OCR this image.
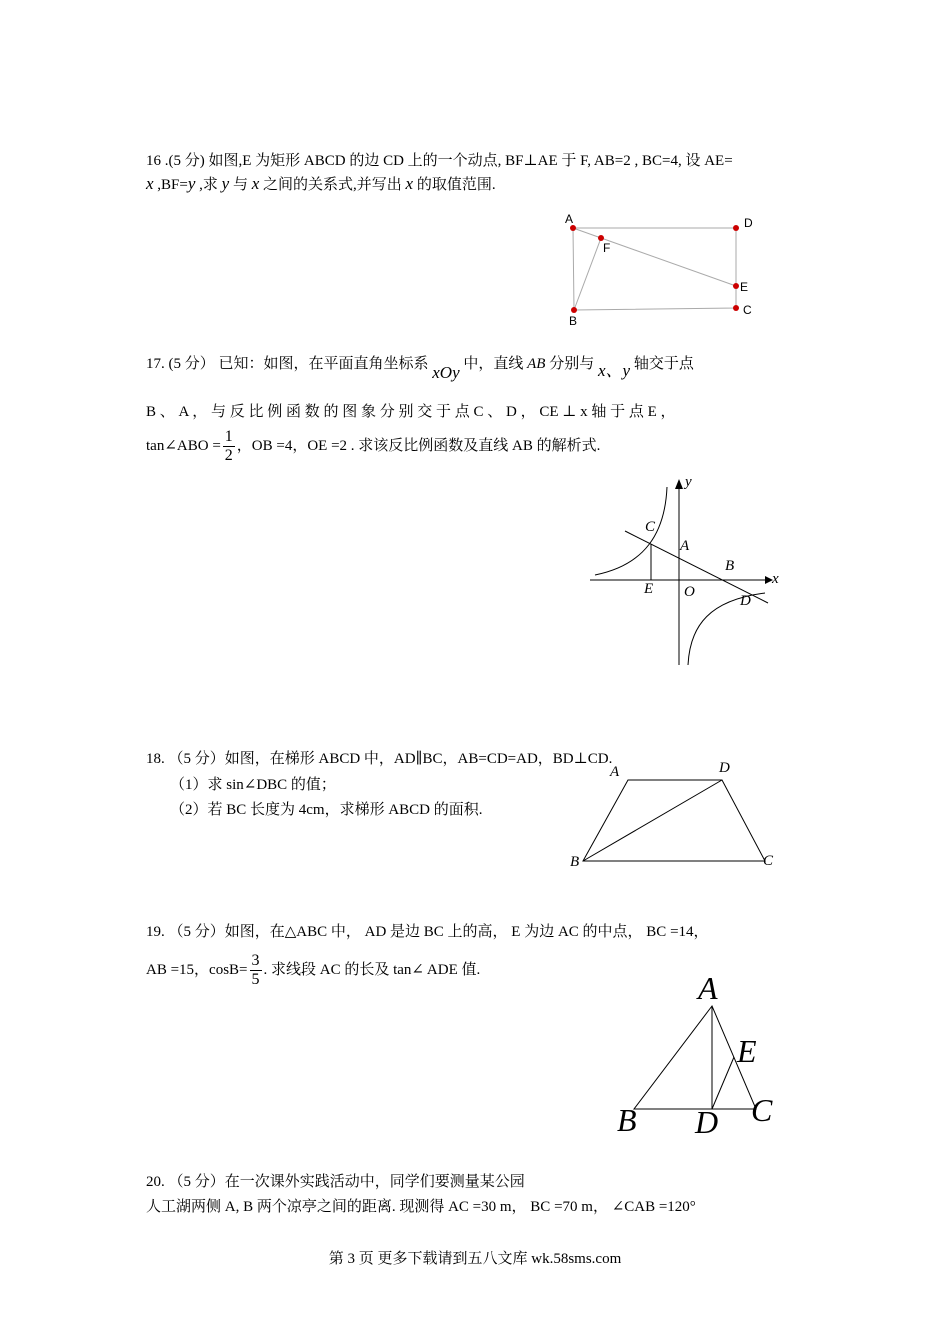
16 .(5 分) 如图,E 为矩形 ABCD 的边 CD 上的一个动点, BF⊥AE 于 F, AB=2 , BC=4, 设 AE=
x ,BF=y ,求 y 与 x 之间的关系式,并写出 x 的取值范围.
A	D
F
E
C
B
17. (5 分） 已知：如图，在平面直角坐标系 xOy 中，直线 AB 分别与 x、y 轴交于点
B 、 A ， 与 反 比 例 函 数 的 图 象 分 别 交 于 点 C 、 D ， CE ⊥ x 轴 于 点 E ，
tan∠ABO = $\frac{1}{2}$ ，OB =4，OE =2 . 求该反比例函数及直线 AB 的解析式.
y
x
C
A
B
E O
D
18. （5 分）如图，在梯形 ABCD 中，AD∥BC，AB=CD=AD，BD⊥CD.
（1）求 sin∠DBC 的值；
（2）若 BC 长度为 4cm，求梯形 ABCD 的面积.
A	D
B	C
19. （5 分）如图，在△ABC 中， AD 是边 BC 上的高， E 为边 AC 的中点， BC =14，
AB =15，$\cos B= \frac{3}{5}$ . 求线段 AC 的长及 tan∠ ADE 值.
A
E
B D C
20. （5 分）在一次课外实践活动中，同学们要测量某公园
人工湖两侧 A, B 两个凉亭之间的距离. 现测得 AC =30 m， BC =70 m， ∠CAB =120°
第 3 页 更多下载请到五八文库 wk.58sms.com
